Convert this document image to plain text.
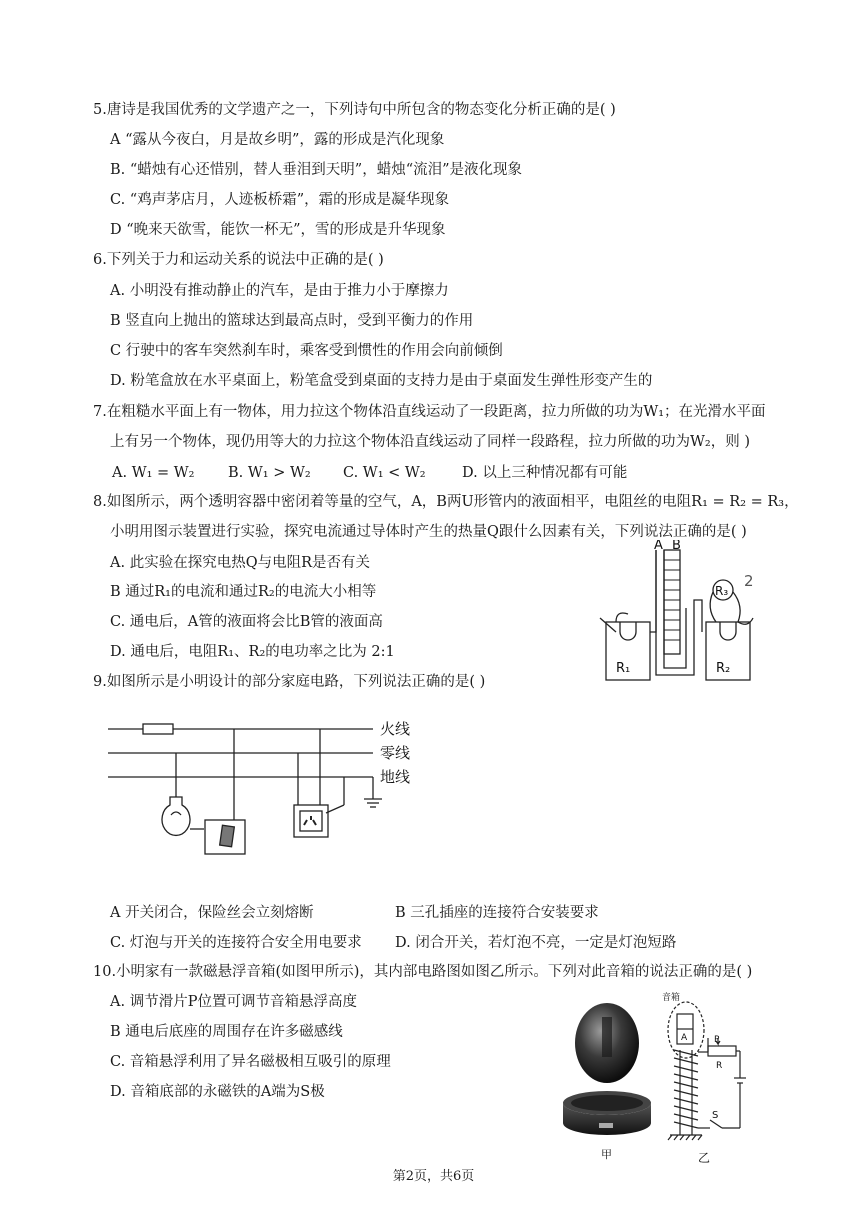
5.唐诗是我国优秀的文学遗产之一，下列诗句中所包含的物态变化分析正确的是( )
A “露从今夜白，月是故乡明”，露的形成是汽化现象
B. “蜡烛有心还惜别，替人垂泪到天明”，蜡烛“流泪”是液化现象
C. “鸡声茅店月，人迹板桥霜”，霜的形成是凝华现象
D “晚来天欲雪，能饮一杯无”，雪的形成是升华现象
6.下列关于力和运动关系的说法中正确的是( )
A. 小明没有推动静止的汽车，是由于推力小于摩擦力
B 竖直向上抛出的篮球达到最高点时，受到平衡力的作用
C 行驶中的客车突然刹车时，乘客受到惯性的作用会向前倾倒
D. 粉笔盒放在水平桌面上，粉笔盒受到桌面的支持力是由于桌面发生弹性形变产生的
7.在粗糙水平面上有一物体，用力拉这个物体沿直线运动了一段距离，拉力所做的功为W₁；在光滑水平面
上有另一个物体，现仍用等大的力拉这个物体沿直线运动了同样一段路程，拉力所做的功为W₂，则 )
A. W₁ = W₂ B. W₁ > W₂ C. W₁ < W₂	D. 以上三种情况都有可能
8.如图所示，两个透明容器中密闭着等量的空气，A，B两U形管内的液面相平，电阻丝的电阻R₁ = R₂ = R₃，
小明用图示装置进行实验，探究电流通过导体时产生的热量Q跟什么因素有关，下列说法正确的是( )
A. 此实验在探究电热Q与电阻R是否有关
B 通过R₁的电流和通过R₂的电流大小相等
C. 通电后，A管的液面将会比B管的液面高
D. 通电后，电阻R₁、R₂的电功率之比为 2:1
A B
R₁	R₂
R₃
2
9.如图所示是小明设计的部分家庭电路，下列说法正确的是( )
火线
零线
地线
A 开关闭合，保险丝会立刻熔断	B 三孔插座的连接符合安装要求
C. 灯泡与开关的连接符合安全用电要求 D. 闭合开关，若灯泡不亮，一定是灯泡短路
10.小明家有一款磁悬浮音箱(如图甲所示)，其内部电路图如图乙所示。下列对此音箱的说法正确的是( )
A. 调节滑片P位置可调节音箱悬浮高度
B 通电后底座的周围存在许多磁感线
C. 音箱悬浮利用了异名磁极相互吸引的原理
D. 音箱底部的永磁铁的A端为S极
甲
音箱
A	P
R
S
乙
第2页，共6页
